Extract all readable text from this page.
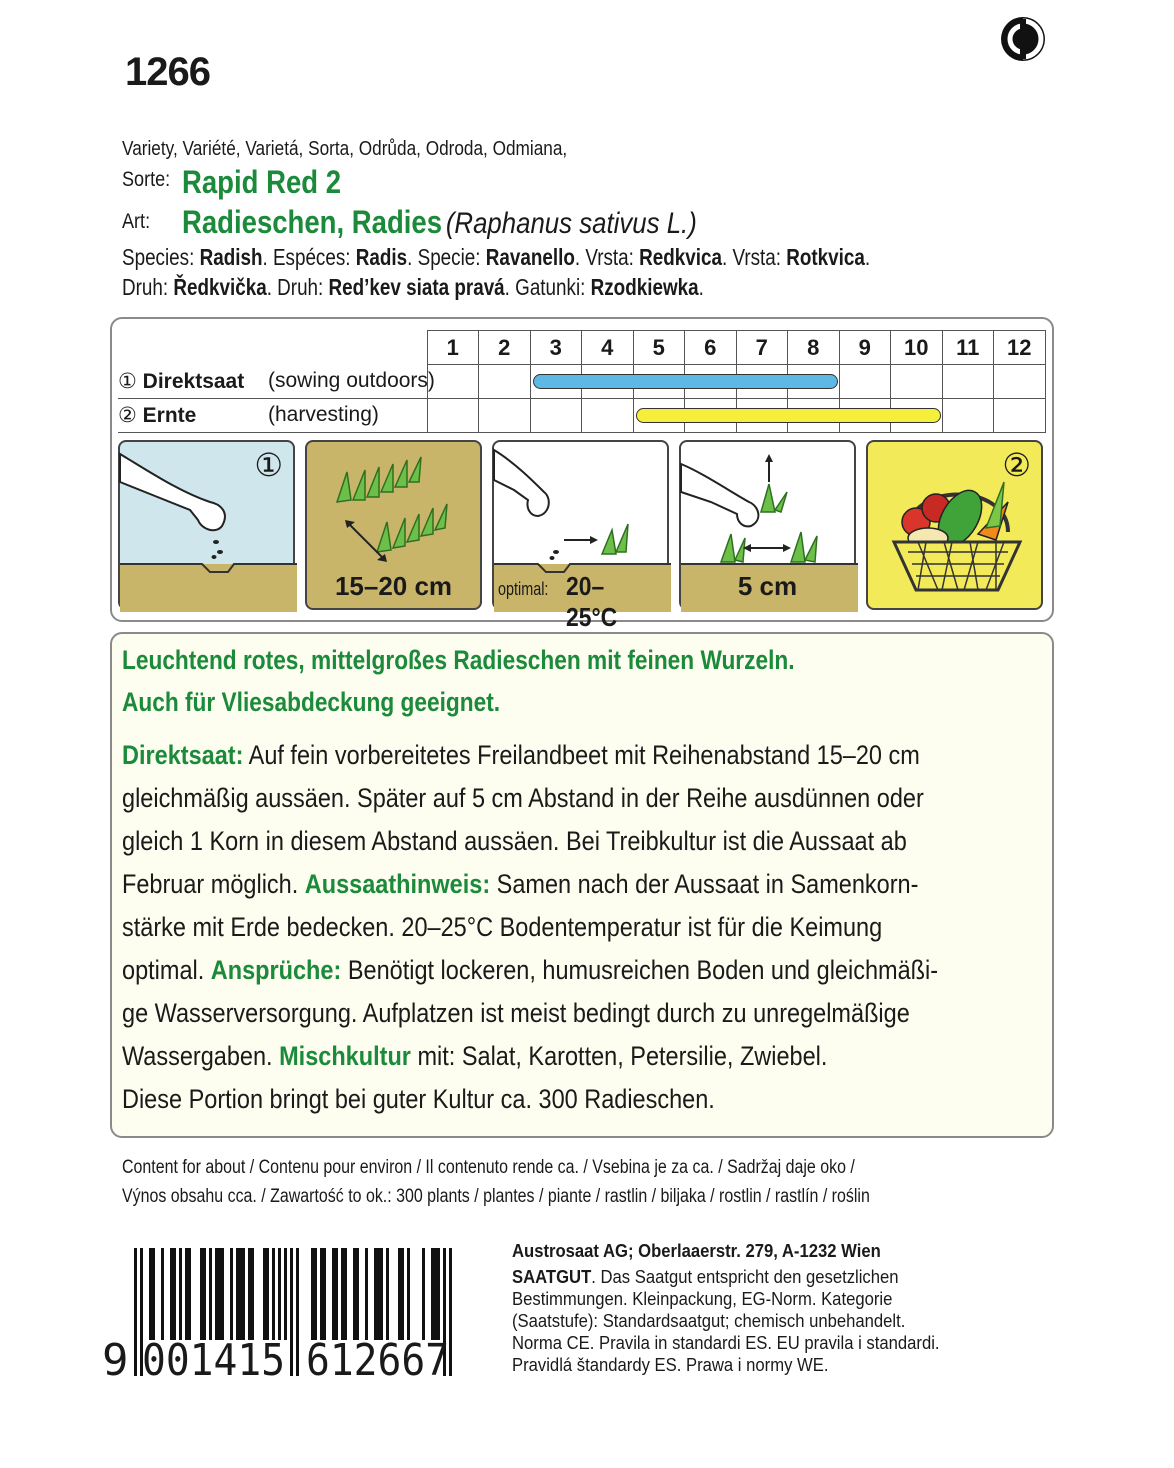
1266
Variety, Variété, Varietá, Sorta, Odrůda, Odroda, Odmiana,
Sorte: Rapid Red 2
Art: Radieschen, Radies (Raphanus sativus L.)
Species: Radish. Espéces: Radis. Specie: Ravanello. Vrsta: Redkvica. Vrsta: Rotkvica.
Druh: Ředkvička. Druh: Red’kev siata pravá. Gatunki: Rzodkiewka.
	1	2	3	4	5	6	7	8	9	10	11	12
① Direktsaat (sowing outdoors)												

② Ernte (harvesting)												

①
15–20 cm	optimal: 20–25°C
5 cm
②
Leuchtend rotes, mittelgroßes Radieschen mit feinen Wurzeln.
Auch für Vliesabdeckung geeignet.
Direktsaat: Auf fein vorbereitetes Freilandbeet mit Reihenabstand 15–20 cm
gleichmäßig aussäen. Später auf 5 cm Abstand in der Reihe ausdünnen oder
gleich 1 Korn in diesem Abstand aussäen. Bei Treibkultur ist die Aussaat ab
Februar möglich. Aussaathinweis: Samen nach der Aussaat in Samenkorn-
stärke mit Erde bedecken. 20–25°C Bodentemperatur ist für die Keimung
optimal. Ansprüche: Benötigt lockeren, humusreichen Boden und gleichmäßi-
ge Wasserversorgung. Aufplatzen ist meist bedingt durch zu unregelmäßige
Wassergaben. Mischkultur mit: Salat, Karotten, Petersilie, Zwiebel.
Diese Portion bringt bei guter Kultur ca. 300 Radieschen.
Content for about / Contenu pour environ / Il contenuto rende ca. / Vsebina je za ca. / Sadržaj daje oko /
Výnos obsahu cca. / Zawartość to ok.: 300 plants / plantes / piante / rastlin / biljaka / rostlin / rastlín / roślin
9 001415 612667
Austrosaat AG; Oberlaaerstr. 279, A-1232 Wien
SAATGUT. Das Saatgut entspricht den gesetzlichen
Bestimmungen. Kleinpackung, EG-Norm. Kategorie
(Saatstufe): Standardsaatgut; chemisch unbehandelt.
Norma CE. Pravila in standardi ES. EU pravila i standardi.
Pravidlá štandardy ES. Prawa i normy WE.
